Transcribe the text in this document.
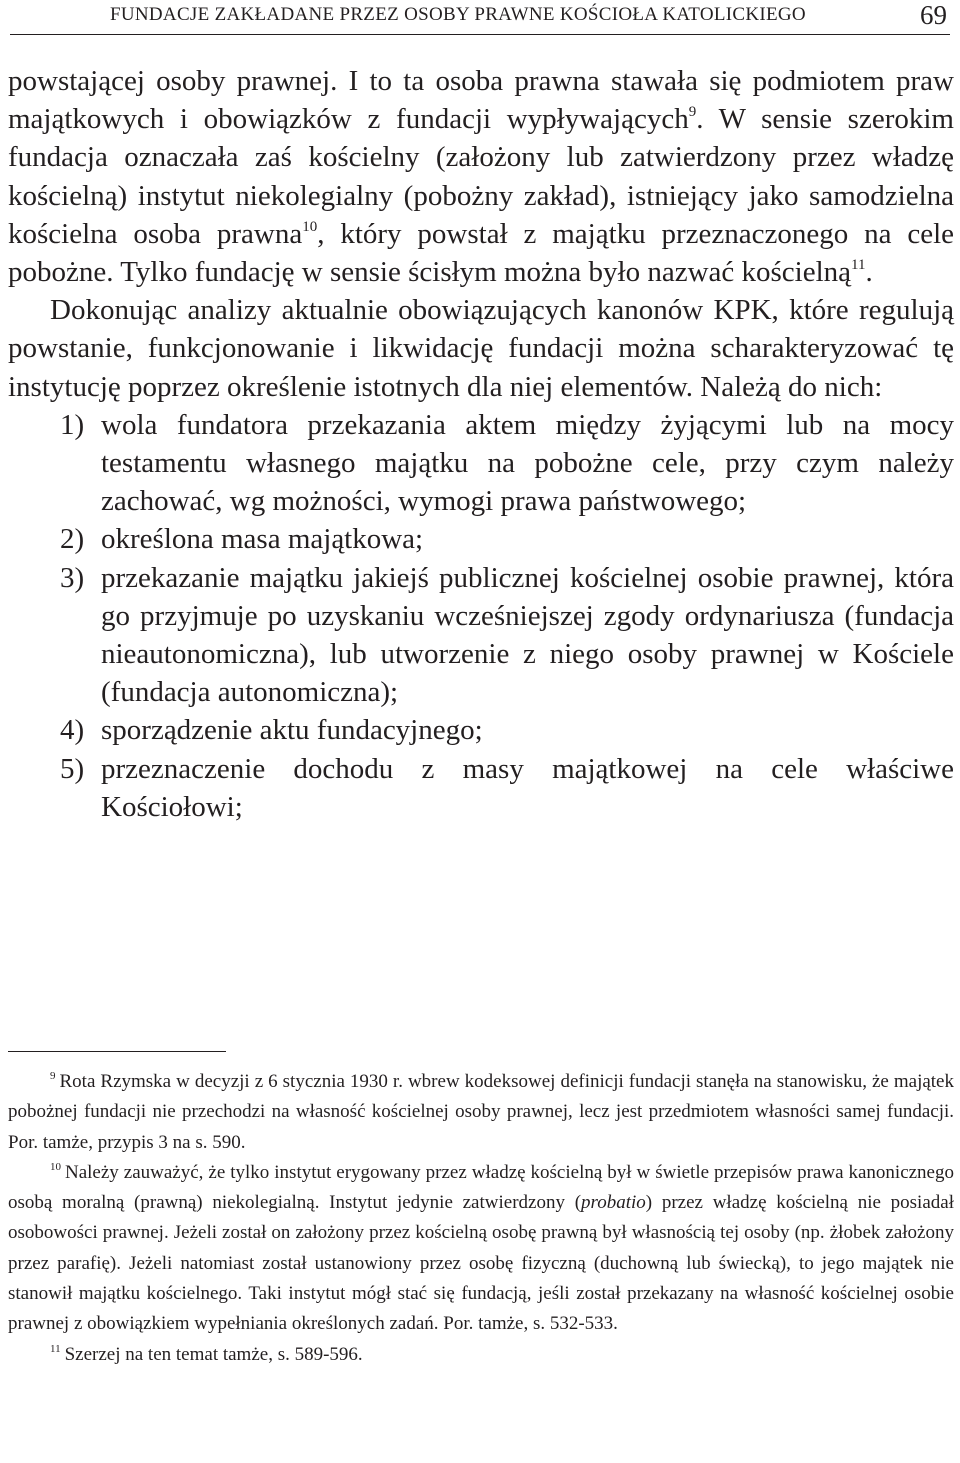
FUNDACJE ZAKŁADANE PRZEZ OSOBY PRAWNE KOŚCIOŁA KATOLICKIEGO	69

powstającej osoby prawnej. I to ta osoba prawna stawała się podmiotem praw majątkowych i obowiązków z fundacji wypływających$^9$. W sensie szerokim fundacja oznaczała zaś kościelny (założony lub zatwierdzony przez władzę kościelną) instytut niekolegialny (pobożny zakład), istniejący jako samodzielna kościelna osoba prawna$^{10}$, który powstał z majątku przeznaczonego na cele pobożne. Tylko fundację w sensie ścisłym można było nazwać kościelną$^{11}$.

Dokonując analizy aktualnie obowiązujących kanonów KPK, które regulują powstanie, funkcjonowanie i likwidację fundacji można scharakteryzować tę instytucję poprzez określenie istotnych dla niej elementów. Należą do nich:

1) wola fundatora przekazania aktem między żyjącymi lub na mocy testamentu własnego majątku na pobożne cele, przy czym należy zachować, wg możności, wymogi prawa państwowego;
2) określona masa majątkowa;
3) przekazanie majątku jakiejś publicznej kościelnej osobie prawnej, która go przyjmuje po uzyskaniu wcześniejszej zgody ordynariusza (fundacja nieautonomiczna), lub utworzenie z niego osoby prawnej w Kościele (fundacja autonomiczna);
4) sporządzenie aktu fundacyjnego;
5) przeznaczenie dochodu z masy majątkowej na cele właściwe Kościołowi;

$^9$ Rota Rzymska w decyzji z 6 stycznia 1930 r. wbrew kodeksowej definicji fundacji stanęła na stanowisku, że majątek pobożnej fundacji nie przechodzi na własność kościelnej osoby prawnej, lecz jest przedmiotem własności samej fundacji. Por. tamże, przypis 3 na s. 590.

$^{10}$ Należy zauważyć, że tylko instytut erygowany przez władzę kościelną był w świetle przepisów prawa kanonicznego osobą moralną (prawną) niekolegialną. Instytut jedynie zatwierdzony (probatio) przez władzę kościelną nie posiadał osobowości prawnej. Jeżeli został on założony przez kościelną osobę prawną był własnością tej osoby (np. żłobek założony przez parafię). Jeżeli natomiast został ustanowiony przez osobę fizyczną (duchowną lub świecką), to jego majątek nie stanowił majątku kościelnego. Taki instytut mógł stać się fundacją, jeśli został przekazany na własność kościelnej osobie prawnej z obowiązkiem wypełniania określonych zadań. Por. tamże, s. 532-533.

$^{11}$ Szerzej na ten temat tamże, s. 589-596.
